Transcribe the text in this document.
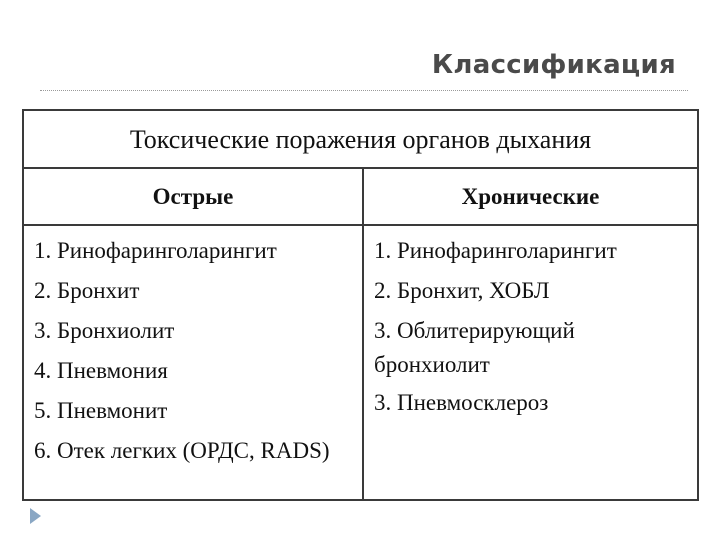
Классификация
Токсические поражения органов дыхания
Острые	Хронические
1. Ринофаринголарингит
2. Бронхит
3. Бронхиолит
4. Пневмония
5. Пневмонит
6. Отек легких (ОРДС, RADS)
1. Ринофаринголарингит
2. Бронхит, ХОБЛ
3. Облитерирующий бронхиолит
3. Пневмосклероз
